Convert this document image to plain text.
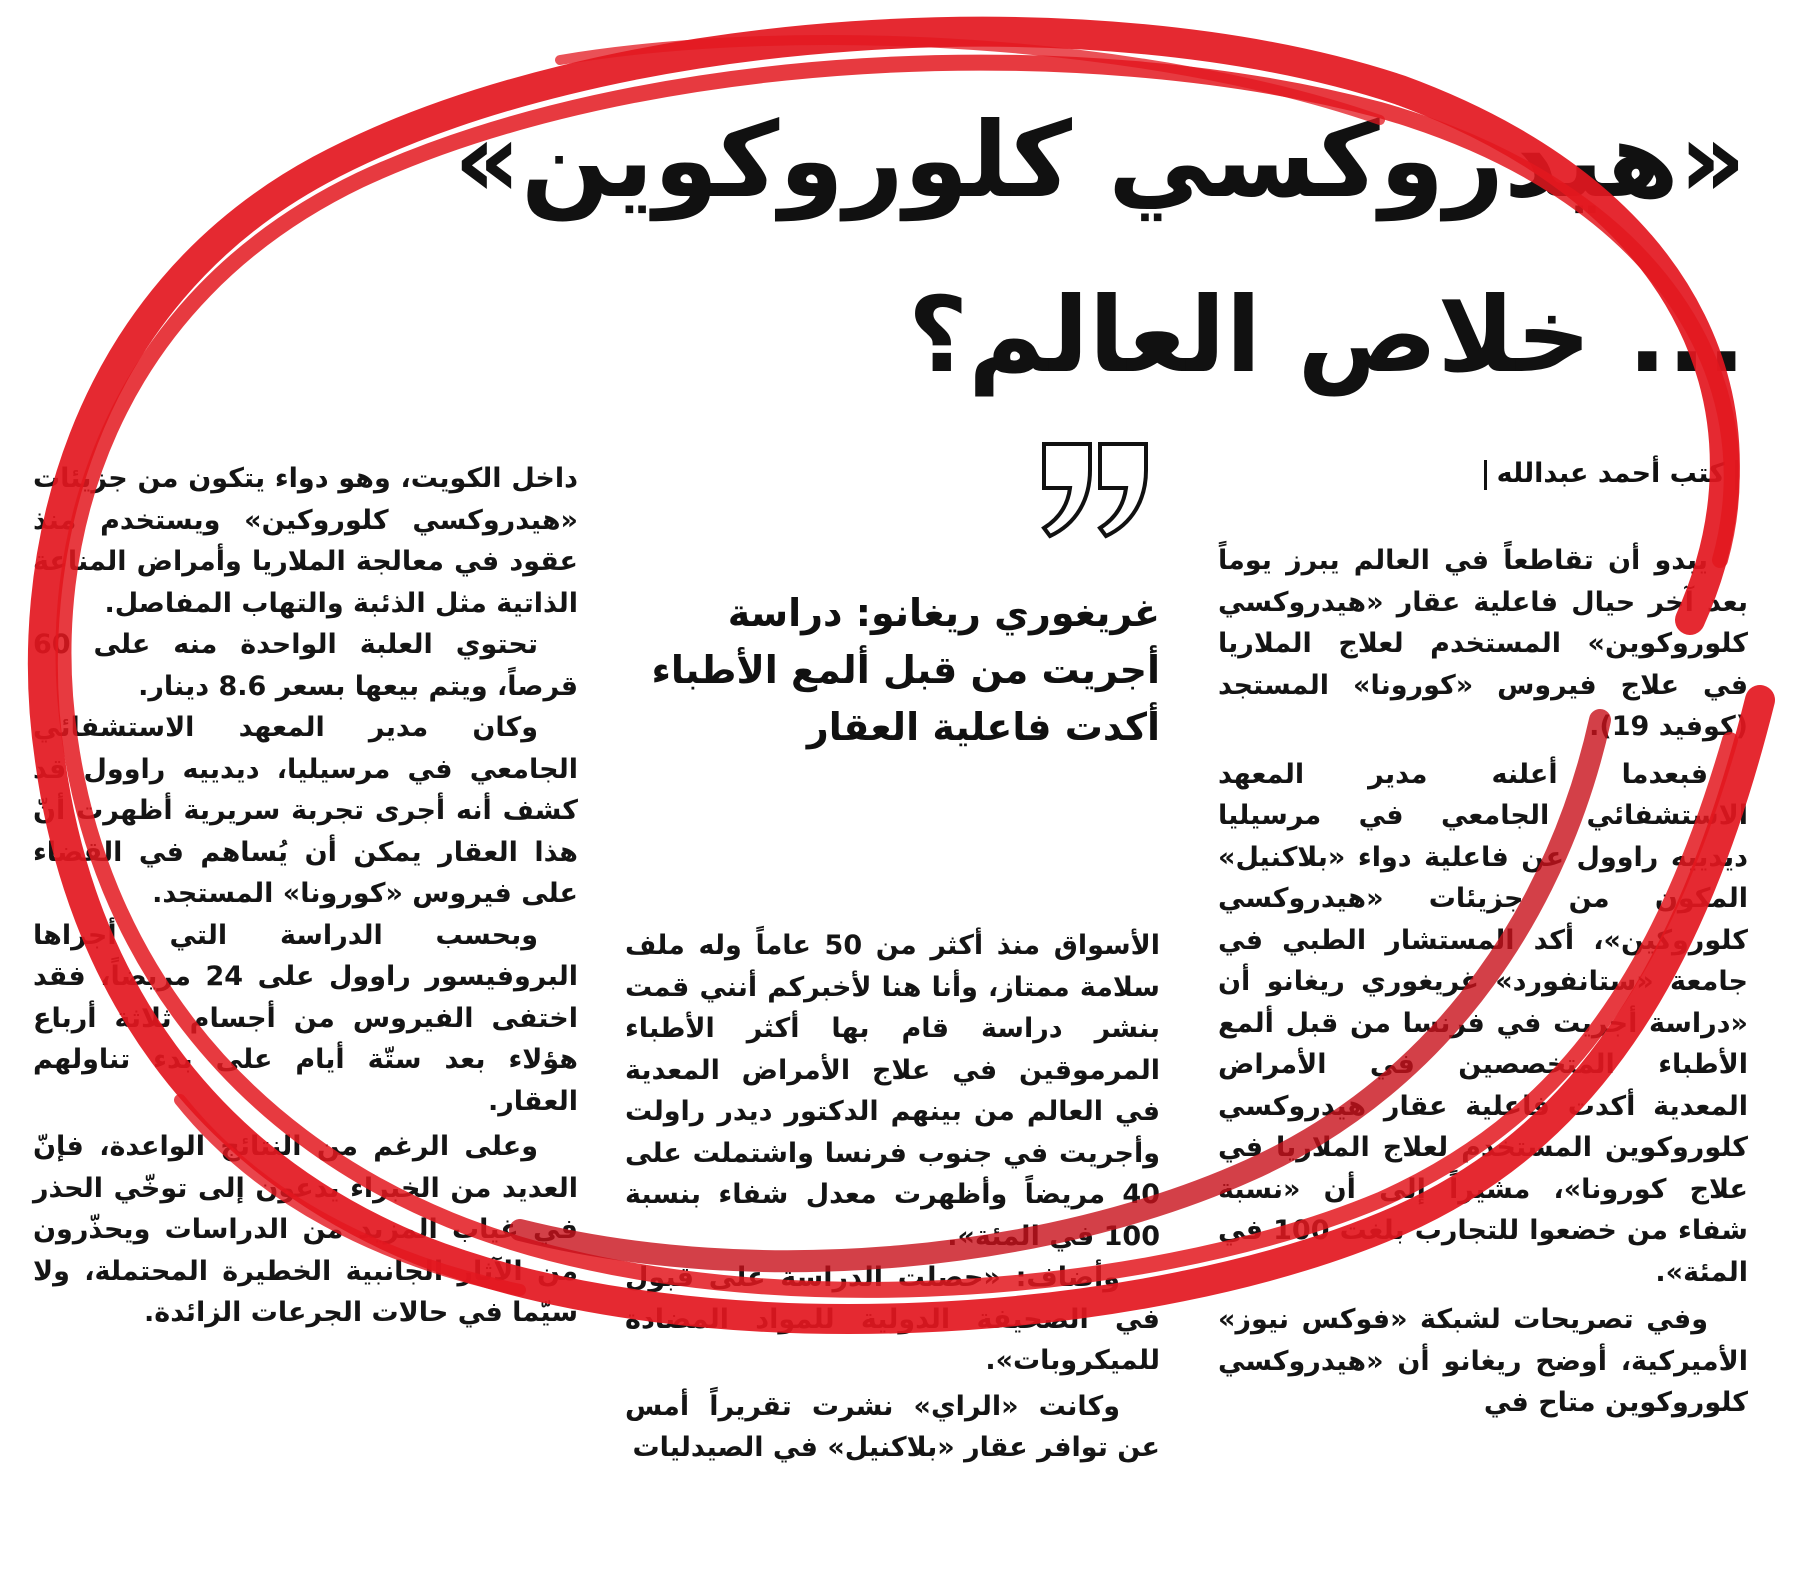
«هيدروكسي كلوروكوين»
... خلاص العالم؟
كتب أحمد عبدالله
غريغوري ريغانو: دراسة أجريت من قبل ألمع الأطباء أكدت فاعلية العقار

يبدو أن تقاطعاً في العالم يبرز يوماً بعد آخر حيال فاعلية عقار «هيدروكسي كلوروكوين» المستخدم لعلاج الملاريا في علاج فيروس «كورونا» المستجد (كوفيد 19).

فبعدما أعلنه مدير المعهد الاستشفائي الجامعي في مرسيليا ديدييه راوول عن فاعلية دواء «بلاكنيل» المكون من جزيئات «هيدروكسي كلوروكين»، أكد المستشار الطبي في جامعة «ستانفورد» غريغوري ريغانو أن «دراسة أجريت في فرنسا من قبل ألمع الأطباء المتخصصين في الأمراض المعدية أكدت فاعلية عقار هيدروكسي كلوروكوين المستخدم لعلاج الملاريا في علاج كورونا»، مشيراً إلى أن «نسبة شفاء من خضعوا للتجارب بلغت 100 في المئة».

وفي تصريحات لشبكة «فوكس نيوز» الأميركية، أوضح ريغانو أن «هيدروكسي كلوروكوين متاح في

الأسواق منذ أكثر من 50 عاماً وله ملف سلامة ممتاز، وأنا هنا لأخبركم أنني قمت بنشر دراسة قام بها أكثر الأطباء المرموقين في علاج الأمراض المعدية في العالم من بينهم الدكتور ديدر راولت وأجريت في جنوب فرنسا واشتملت على 40 مريضاً وأظهرت معدل شفاء بنسبة 100 في المئة».

وأضاف: «حصلت الدراسة على قبول في الصحيفة الدولية للمواد المضادة للميكروبات».

وكانت «الراي» نشرت تقريراً أمس عن توافر عقار «بلاكنيل» في الصيدليات

داخل الكويت، وهو دواء يتكون من جزيئات «هيدروكسي كلوروكين» ويستخدم منذ عقود في معالجة الملاريا وأمراض المناعة الذاتية مثل الذئبة والتهاب المفاصل.

تحتوي العلبة الواحدة منه على 60 قرصاً، ويتم بيعها بسعر 8.6 دينار.

وكان مدير المعهد الاستشفائي الجامعي في مرسيليا، ديدييه راوول قد كشف أنه أجرى تجربة سريرية أظهرت أنّ هذا العقار يمكن أن يُساهم في القضاء على فيروس «كورونا» المستجد.

وبحسب الدراسة التي أجراها البروفيسور راوول على 24 مريضاً، فقد اختفى الفيروس من أجسام ثلاثة أرباع هؤلاء بعد ستّة أيام على بدء تناولهم العقار.

وعلى الرغم من النتائج الواعدة، فإنّ العديد من الخبراء يدعون إلى توخّي الحذر في غياب المزيد من الدراسات ويحذّرون من الآثار الجانبية الخطيرة المحتملة، ولا سيّما في حالات الجرعات الزائدة.
